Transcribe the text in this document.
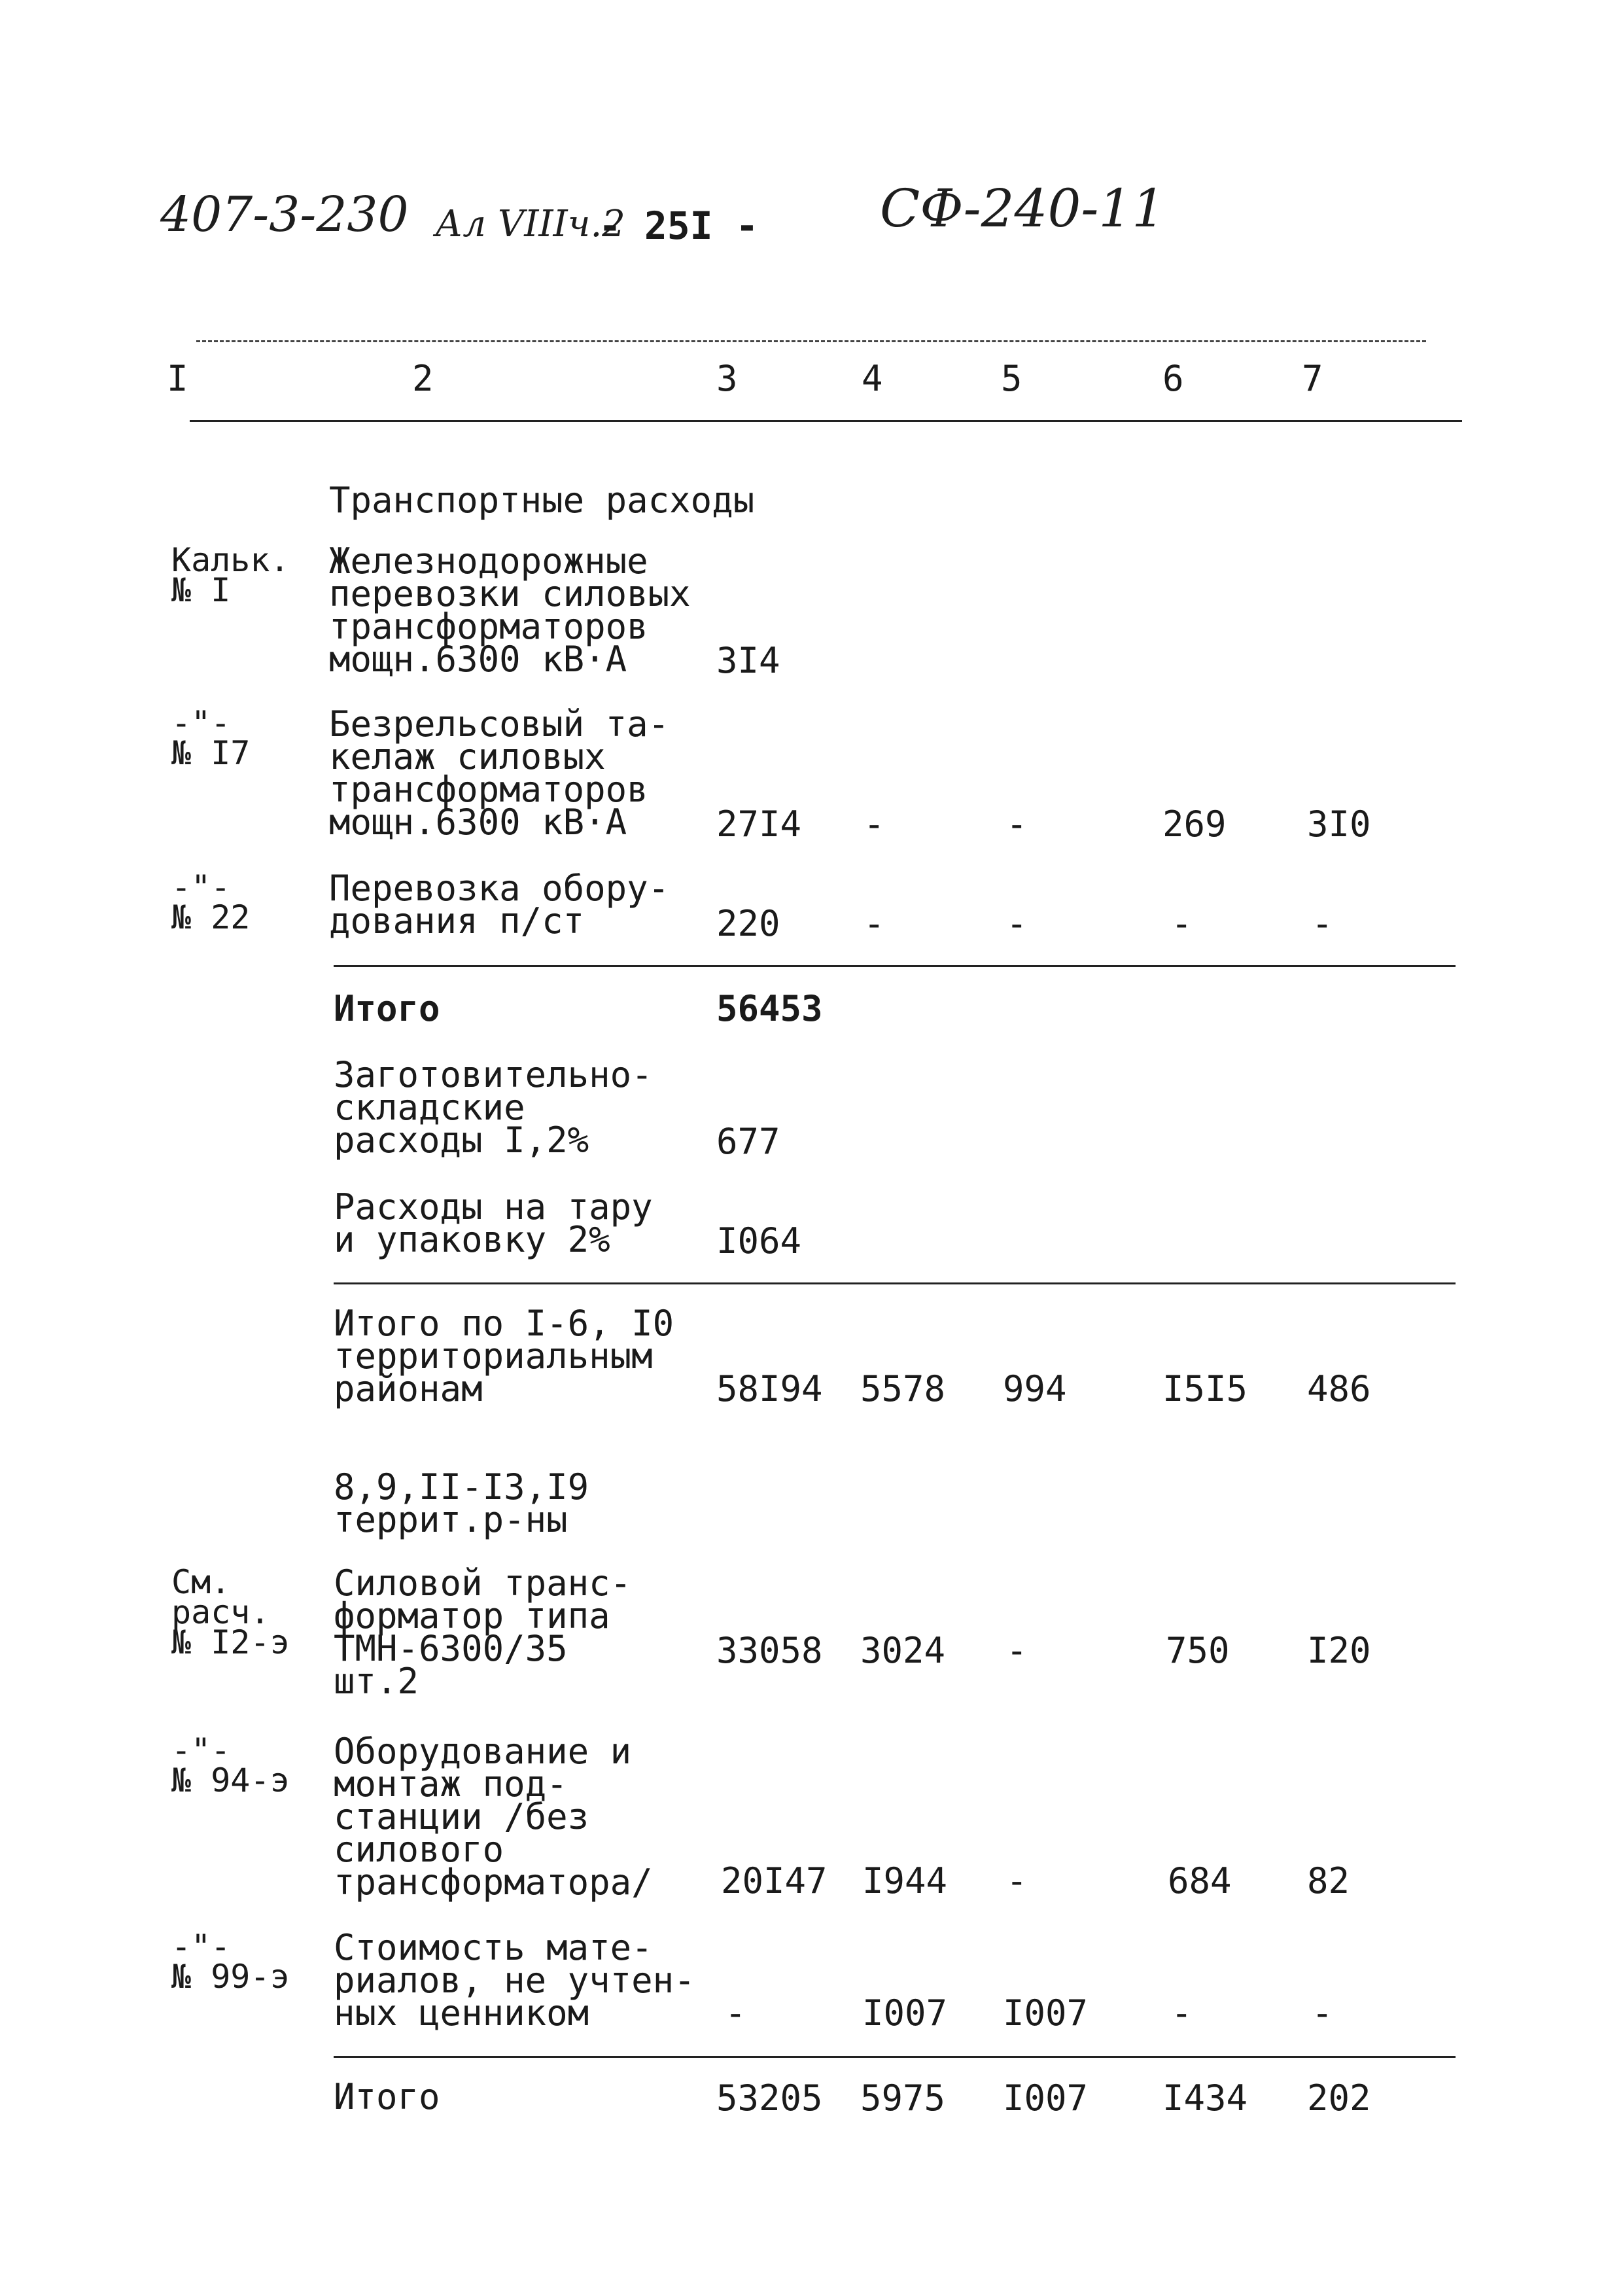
407-3-230 Ал VIIIч.2
- 25I - СФ-240-11
I	2	3	4	5	6	7
Транспортные расходы
Кальк.
№ I
Железнодорожные
перевозки силовых
трансформаторов
мощн.6300 кВ·А	3I4
-"-
№ I7
Безрельсовый та-
келаж силовых
трансформаторов
мощн.6300 кВ·А	27I4 -	-	269 3I0
-"-
№ 22
Перевозка обору-
дования п/ст	220 -	-	-	-
Итого	56453
Заготовительно-
складские
расходы I,2%	677
Расходы на тару
и упаковку 2%	I064
Итого по I-6, I0
территориальным
районам	58I94 5578 994	I5I5 486
8,9,II-I3,I9
террит.р-ны
См.
расч.
№ I2-э
Силовой транс-
форматор типа
ТМН-6300/35
шт.2
33058 3024 -	750 I20
-"-
№ 94-э
Оборудование и
монтаж под-
станции /без
силового
трансформатора/ 20I47 I944 -	684 82
-"-
№ 99-э
Стоимость мате-
риалов, не учтен-
ных ценником	-	I007 I007 -	-
Итого	53205 5975 I007 I434 202
